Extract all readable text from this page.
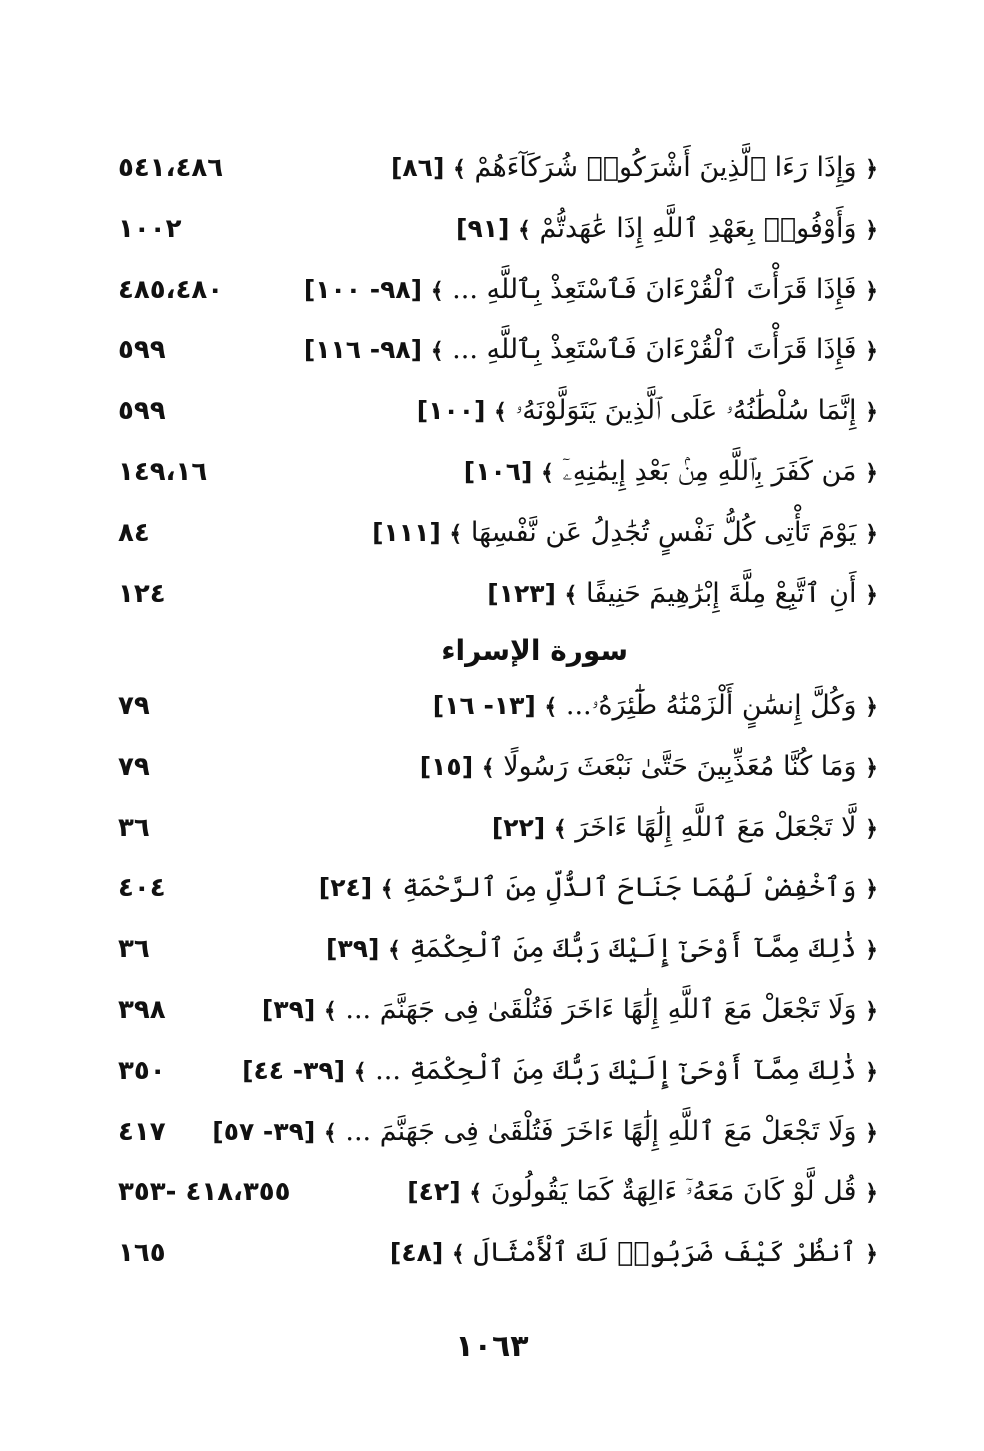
﴿ وَإِذَا رَءَا ٱلَّذِينَ أَشْرَكُوا۟ شُرَكَآءَهُمْ ﴾ [٨٦]
٥٤١،٤٨٦
﴿ وَأَوْفُوا۟ بِعَهْدِ ٱللَّهِ إِذَا عَٰهَدتُّمْ ﴾ [٩١]
١٠٠٢
﴿ فَإِذَا قَرَأْتَ ٱلْقُرْءَانَ فَٱسْتَعِذْ بِٱللَّهِ ... ﴾ [٩٨- ١٠٠]
٤٨٥،٤٨٠
﴿ فَإِذَا قَرَأْتَ ٱلْقُرْءَانَ فَٱسْتَعِذْ بِٱللَّهِ ... ﴾ [٩٨- ١١٦]
٥٩٩
﴿ إِنَّمَا سُلْطَٰنُهُۥ عَلَى ٱلَّذِينَ يَتَوَلَّوْنَهُۥ ﴾ [١٠٠]
٥٩٩
﴿ مَن كَفَرَ بِٱللَّهِ مِنۢ بَعْدِ إِيمَٰنِهِۦٓ ﴾ [١٠٦]
١٤٩،١٦
﴿ يَوْمَ تَأْتِى كُلُّ نَفْسٍ تُجَٰدِلُ عَن نَّفْسِهَا ﴾ [١١١]
٨٤
﴿ أَنِ ٱتَّبِعْ مِلَّةَ إِبْرَٰهِيمَ حَنِيفًا ﴾ [١٢٣]
١٢٤
سورة الإسراء
﴿ وَكُلَّ إِنسَٰنٍ أَلْزَمْنَٰهُ طَٰٓئِرَهُۥ... ﴾ [١٣- ١٦]
٧٩
﴿ وَمَا كُنَّا مُعَذِّبِينَ حَتَّىٰ نَبْعَثَ رَسُولًا ﴾ [١٥]
٧٩
﴿ لَّا تَجْعَلْ مَعَ ٱللَّهِ إِلَٰهًا ءَاخَرَ ﴾ [٢٢]
٣٦
﴿ وَٱخْفِضْ لَهُمَا جَنَاحَ ٱلذُّلِّ مِنَ ٱلرَّحْمَةِ ﴾ [٢٤]
٤٠٤
﴿ ذَٰلِكَ مِمَّآ أَوْحَىٰٓ إِلَيْكَ رَبُّكَ مِنَ ٱلْحِكْمَةِ ﴾ [٣٩]
٣٦
﴿ وَلَا تَجْعَلْ مَعَ ٱللَّهِ إِلَٰهًا ءَاخَرَ فَتُلْقَىٰ فِى جَهَنَّمَ ... ﴾ [٣٩]
٣٩٨
﴿ ذَٰلِكَ مِمَّآ أَوْحَىٰٓ إِلَيْكَ رَبُّكَ مِنَ ٱلْحِكْمَةِ ... ﴾ [٣٩- ٤٤]
٣٥٠
﴿ وَلَا تَجْعَلْ مَعَ ٱللَّهِ إِلَٰهًا ءَاخَرَ فَتُلْقَىٰ فِى جَهَنَّمَ ... ﴾ [٣٩- ٥٧]
٤١٧
﴿ قُل لَّوْ كَانَ مَعَهُۥٓ ءَالِهَةٌ كَمَا يَقُولُونَ ﴾ [٤٢]
٤١٨،٣٥٥ -٣٥٣
﴿ ٱنظُرْ كَيْفَ ضَرَبُوا۟ لَكَ ٱلْأَمْثَالَ ﴾ [٤٨]
١٦٥
١٠٦٣
